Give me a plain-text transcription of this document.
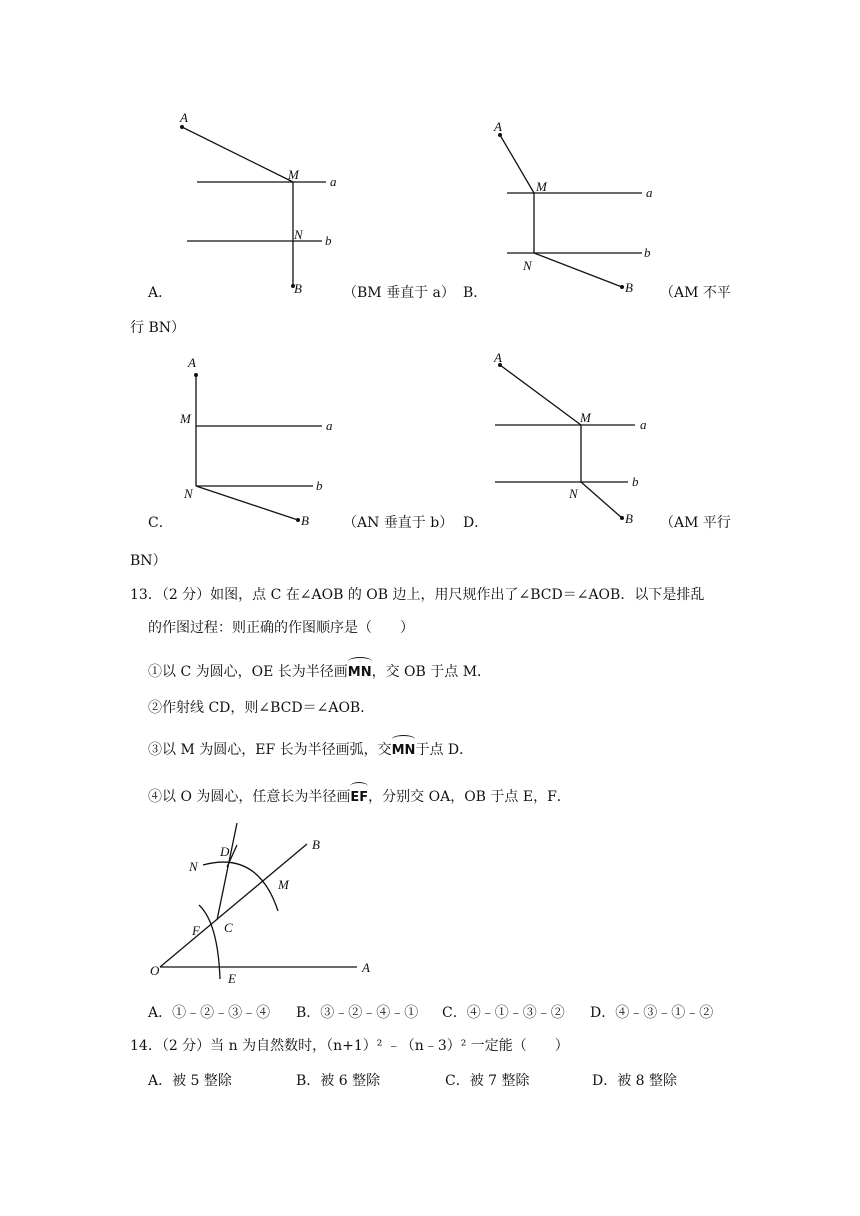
A
M a
N b
B
A
M	a
N
b
B
A
M	a
N
b
B
A
M	a
N
b
B
A．	（BM 垂直于 a） B．	（AM 不平
行 BN）
C．	（AN 垂直于 b） D．	（AM 平行
BN）
13．（2 分）如图，点 C 在∠AOB 的 OB 边上，用尺规作出了∠BCD＝∠AOB．以下是排乱
的作图过程：则正确的作图顺序是（　　）
①以 C 为圆心，OE 长为半径画MN，交 OB 于点 M．
②作射线 CD，则∠BCD＝∠AOB．
③以 M 为圆心，EF 长为半径画弧，交MN于点 D．
④以 O 为圆心，任意长为半径画EF，分别交 OA，OB 于点 E，F．
B
D
N
M
F C
O
E
A
A．①﹣②﹣③﹣④ B．③﹣②﹣④﹣① C．④﹣①﹣③﹣② D．④﹣③﹣①﹣②
14．（2 分）当 n 为自然数时，（n+1）² ﹣（n﹣3）² 一定能（　　）
A．被 5 整除	B．被 6 整除	C．被 7 整除	D．被 8 整除
